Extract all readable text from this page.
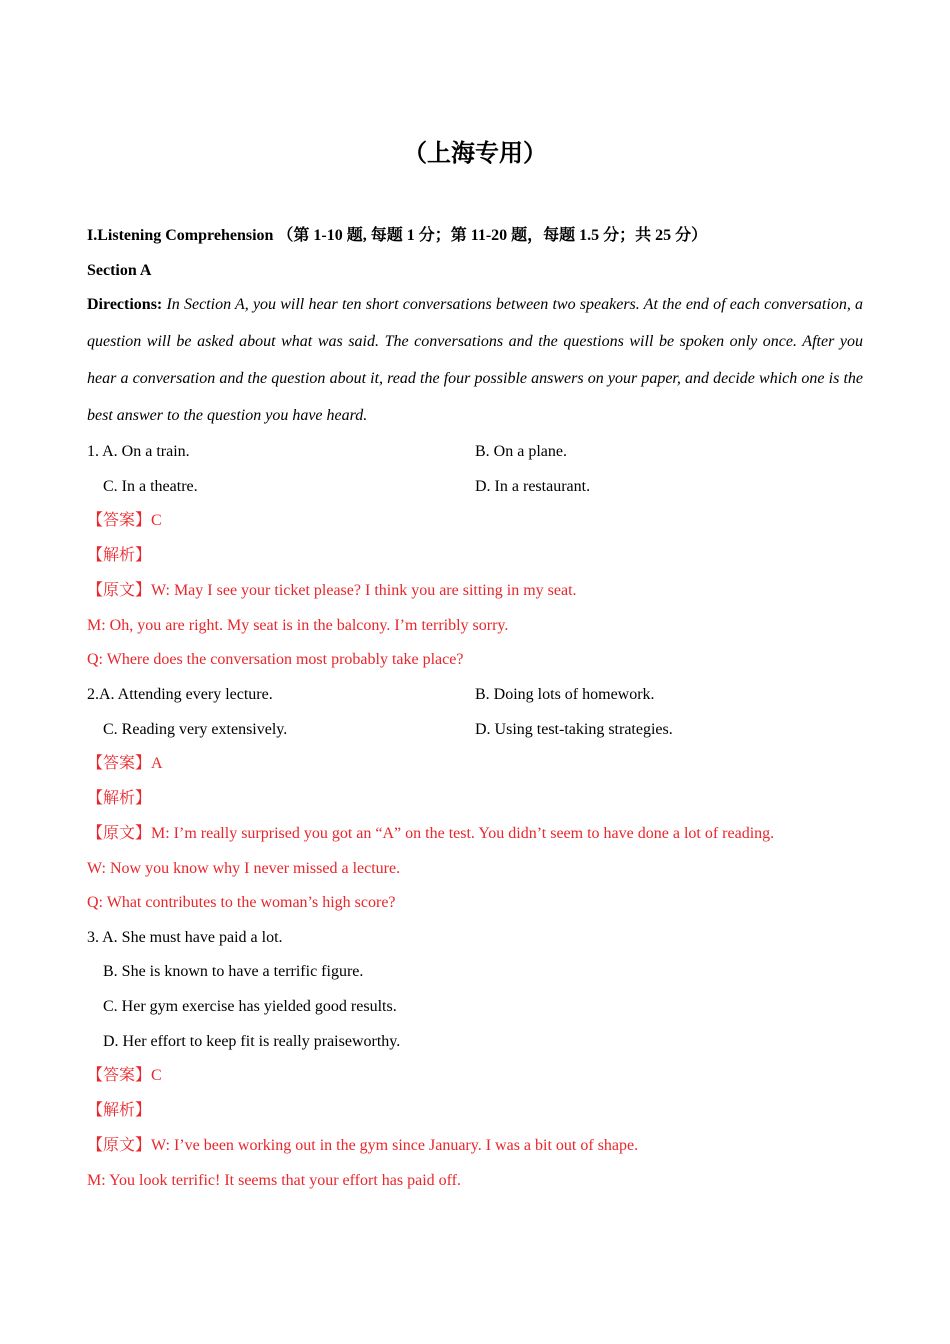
（上海专用）
I.Listening Comprehension （第 1-10 题, 每题 1 分；第 11-20 题，每题 1.5 分；共 25 分）
Section A
Directions: In Section A, you will hear ten short conversations between two speakers. At the end of each conversation, a question will be asked about what was said. The conversations and the questions will be spoken only once. After you hear a conversation and the question about it, read the four possible answers on your paper, and decide which one is the best answer to the question you have heard.
1. A. On a train.	B. On a plane.
C. In a theatre.	D. In a restaurant.
【答案】C
【解析】
【原文】W: May I see your ticket please? I think you are sitting in my seat.
M: Oh, you are right. My seat is in the balcony. I’m terribly sorry.
Q: Where does the conversation most probably take place?
2.A. Attending every lecture.	B. Doing lots of homework.
C. Reading very extensively.	D. Using test-taking strategies.
【答案】A
【解析】
【原文】M: I’m really surprised you got an “A” on the test. You didn’t seem to have done a lot of reading.
W: Now you know why I never missed a lecture.
Q: What contributes to the woman’s high score?
3. A. She must have paid a lot.
B. She is known to have a terrific figure.
C. Her gym exercise has yielded good results.
D. Her effort to keep fit is really praiseworthy.
【答案】C
【解析】
【原文】W: I’ve been working out in the gym since January. I was a bit out of shape.
M: You look terrific! It seems that your effort has paid off.
